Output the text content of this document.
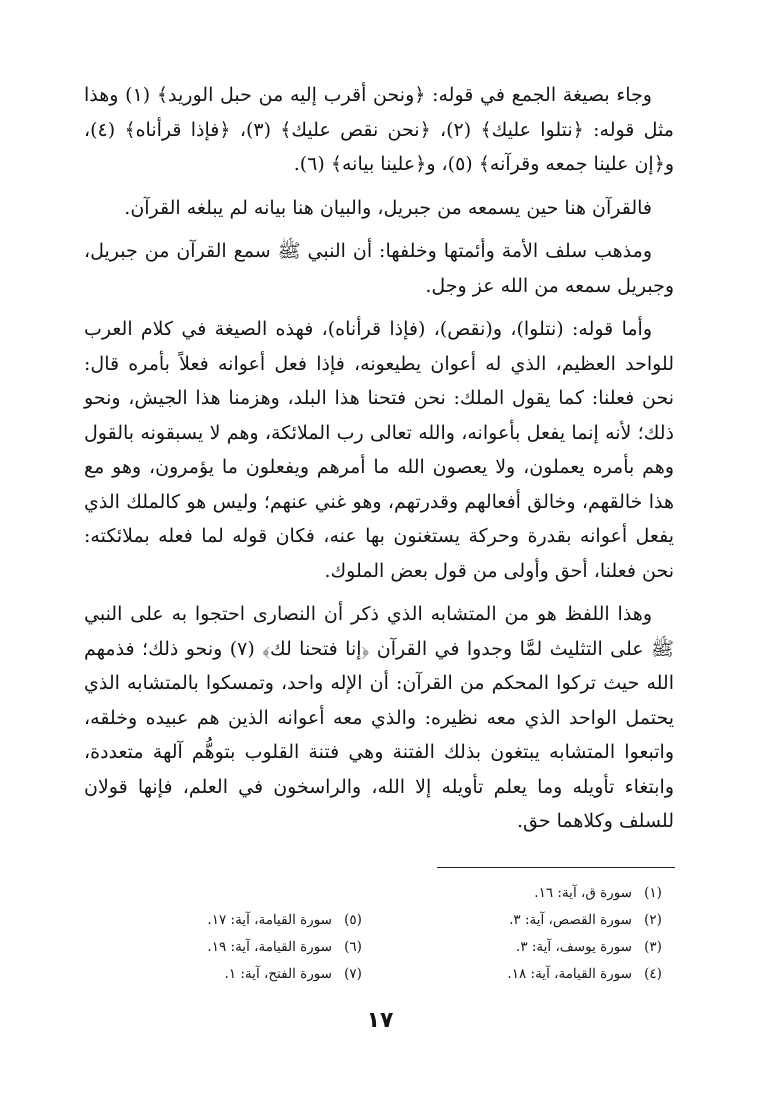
وجاء بصيغة الجمع في قوله: ﴿ونحن أقرب إليه من حبل الوريد﴾ (١) وهذا مثل قوله: ﴿نتلوا عليك﴾ (٢)، ﴿نحن نقص عليك﴾ (٣)، ﴿فإذا قرأناه﴾ (٤)، و﴿إن علينا جمعه وقرآنه﴾ (٥)، و﴿علينا بيانه﴾ (٦).

فالقرآن هنا حين يسمعه من جبريل، والبيان هنا بيانه لم يبلغه القرآن.

ومذهب سلف الأمة وأئمتها وخلفها: أن النبي ﷺ سمع القرآن من جبريل، وجبريل سمعه من الله عز وجل.

وأما قوله: (نتلوا)، و(نقص)، (فإذا قرأناه)، فهذه الصيغة في كلام العرب للواحد العظيم، الذي له أعوان يطيعونه، فإذا فعل أعوانه فعلاً بأمره قال: نحن فعلنا: كما يقول الملك: نحن فتحنا هذا البلد، وهزمنا هذا الجيش، ونحو ذلك؛ لأنه إنما يفعل بأعوانه، والله تعالى رب الملائكة، وهم لا يسبقونه بالقول وهم بأمره يعملون، ولا يعصون الله ما أمرهم ويفعلون ما يؤمرون، وهو مع هذا خالقهم، وخالق أفعالهم وقدرتهم، وهو غني عنهم؛ وليس هو كالملك الذي يفعل أعوانه بقدرة وحركة يستغنون بها عنه، فكان قوله لما فعله بملائكته: نحن فعلنا، أحق وأولى من قول بعض الملوك.

وهذا اللفظ هو من المتشابه الذي ذكر أن النصارى احتجوا به على النبي ﷺ على التثليث لمَّا وجدوا في القرآن ﴿إنا فتحنا لك﴾ (٧) ونحو ذلك؛ فذمهم الله حيث تركوا المحكم من القرآن: أن الإله واحد، وتمسكوا بالمتشابه الذي يحتمل الواحد الذي معه نظيره: والذي معه أعوانه الذين هم عبيده وخلقه، واتبعوا المتشابه يبتغون بذلك الفتنة وهي فتنة القلوب بتوهُّم آلهة متعددة، وابتغاء تأويله وما يعلم تأويله إلا الله، والراسخون في العلم، فإنها قولان للسلف وكلاهما حق.

(١)
سورة ق، آية: ١٦.
(٢)
سورة القصص، آية: ٣.
(٥)
سورة القيامة، آية: ١٧.
(٣)
سورة يوسف، آية: ٣.
(٦)
سورة القيامة، آية: ١٩.
(٤)
سورة القيامة، آية: ١٨.
(٧)
سورة الفتح، آية: ١.
١٧
